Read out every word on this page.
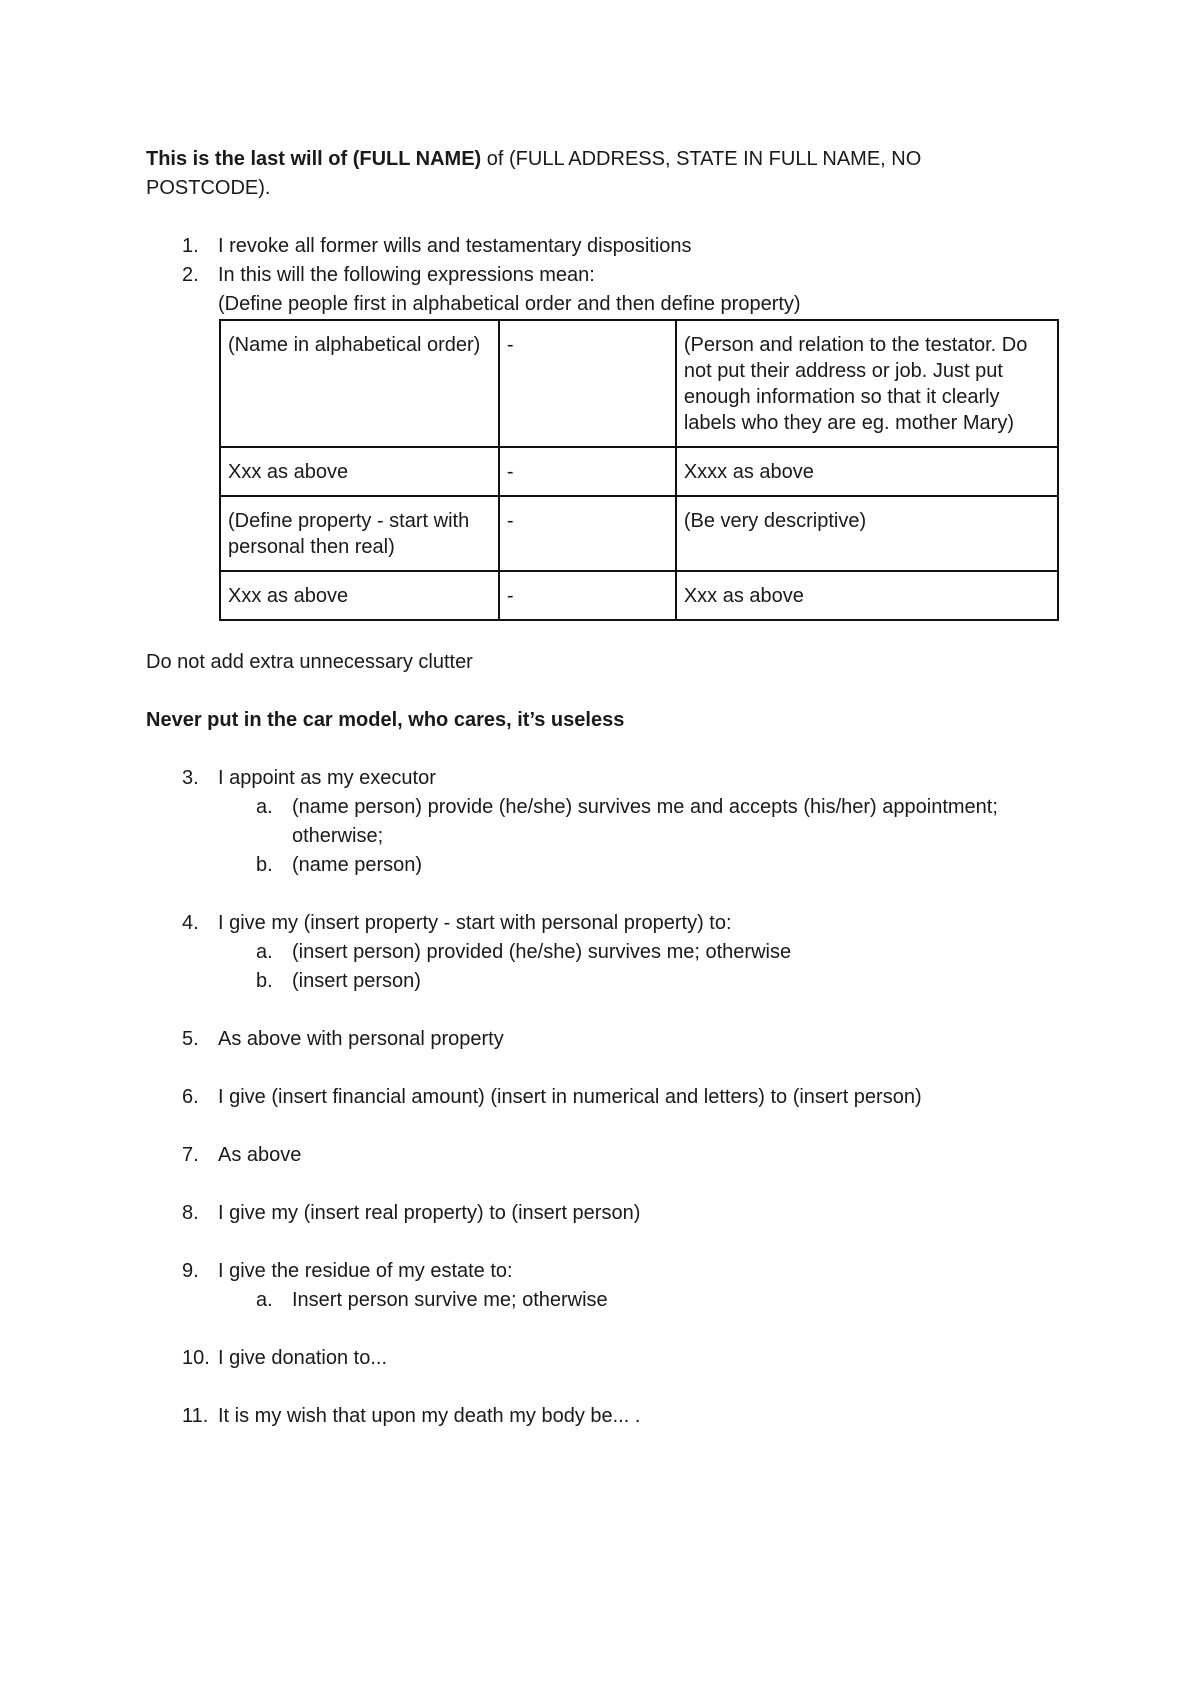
This is the last will of (FULL NAME) of (FULL ADDRESS, STATE IN FULL NAME, NO POSTCODE).

1. I revoke all former wills and testamentary dispositions
2. In this will the following expressions mean:
(Define people first in alphabetical order and then define property)
(Name in alphabetical order)	-	(Person and relation to the testator. Do not put their address or job. Just put enough information so that it clearly labels who they are eg. mother Mary)
Xxx as above	-	Xxxx as above
(Define property - start with personal then real)	-	(Be very descriptive)
Xxx as above	-	Xxx as above
Do not add extra unnecessary clutter
Never put in the car model, who cares, it’s useless
3. I appoint as my executor
a. (name person) provide (he/she) survives me and accepts (his/her) appointment; otherwise;
b. (name person)
4. I give my (insert property - start with personal property) to:
a. (insert person) provided (he/she) survives me; otherwise
b. (insert person)
5. As above with personal property
6. I give (insert financial amount) (insert in numerical and letters) to (insert person)
7. As above
8. I give my (insert real property) to (insert person)
9. I give the residue of my estate to:
a. Insert person survive me; otherwise
10. I give donation to...
11. It is my wish that upon my death my body be... .
